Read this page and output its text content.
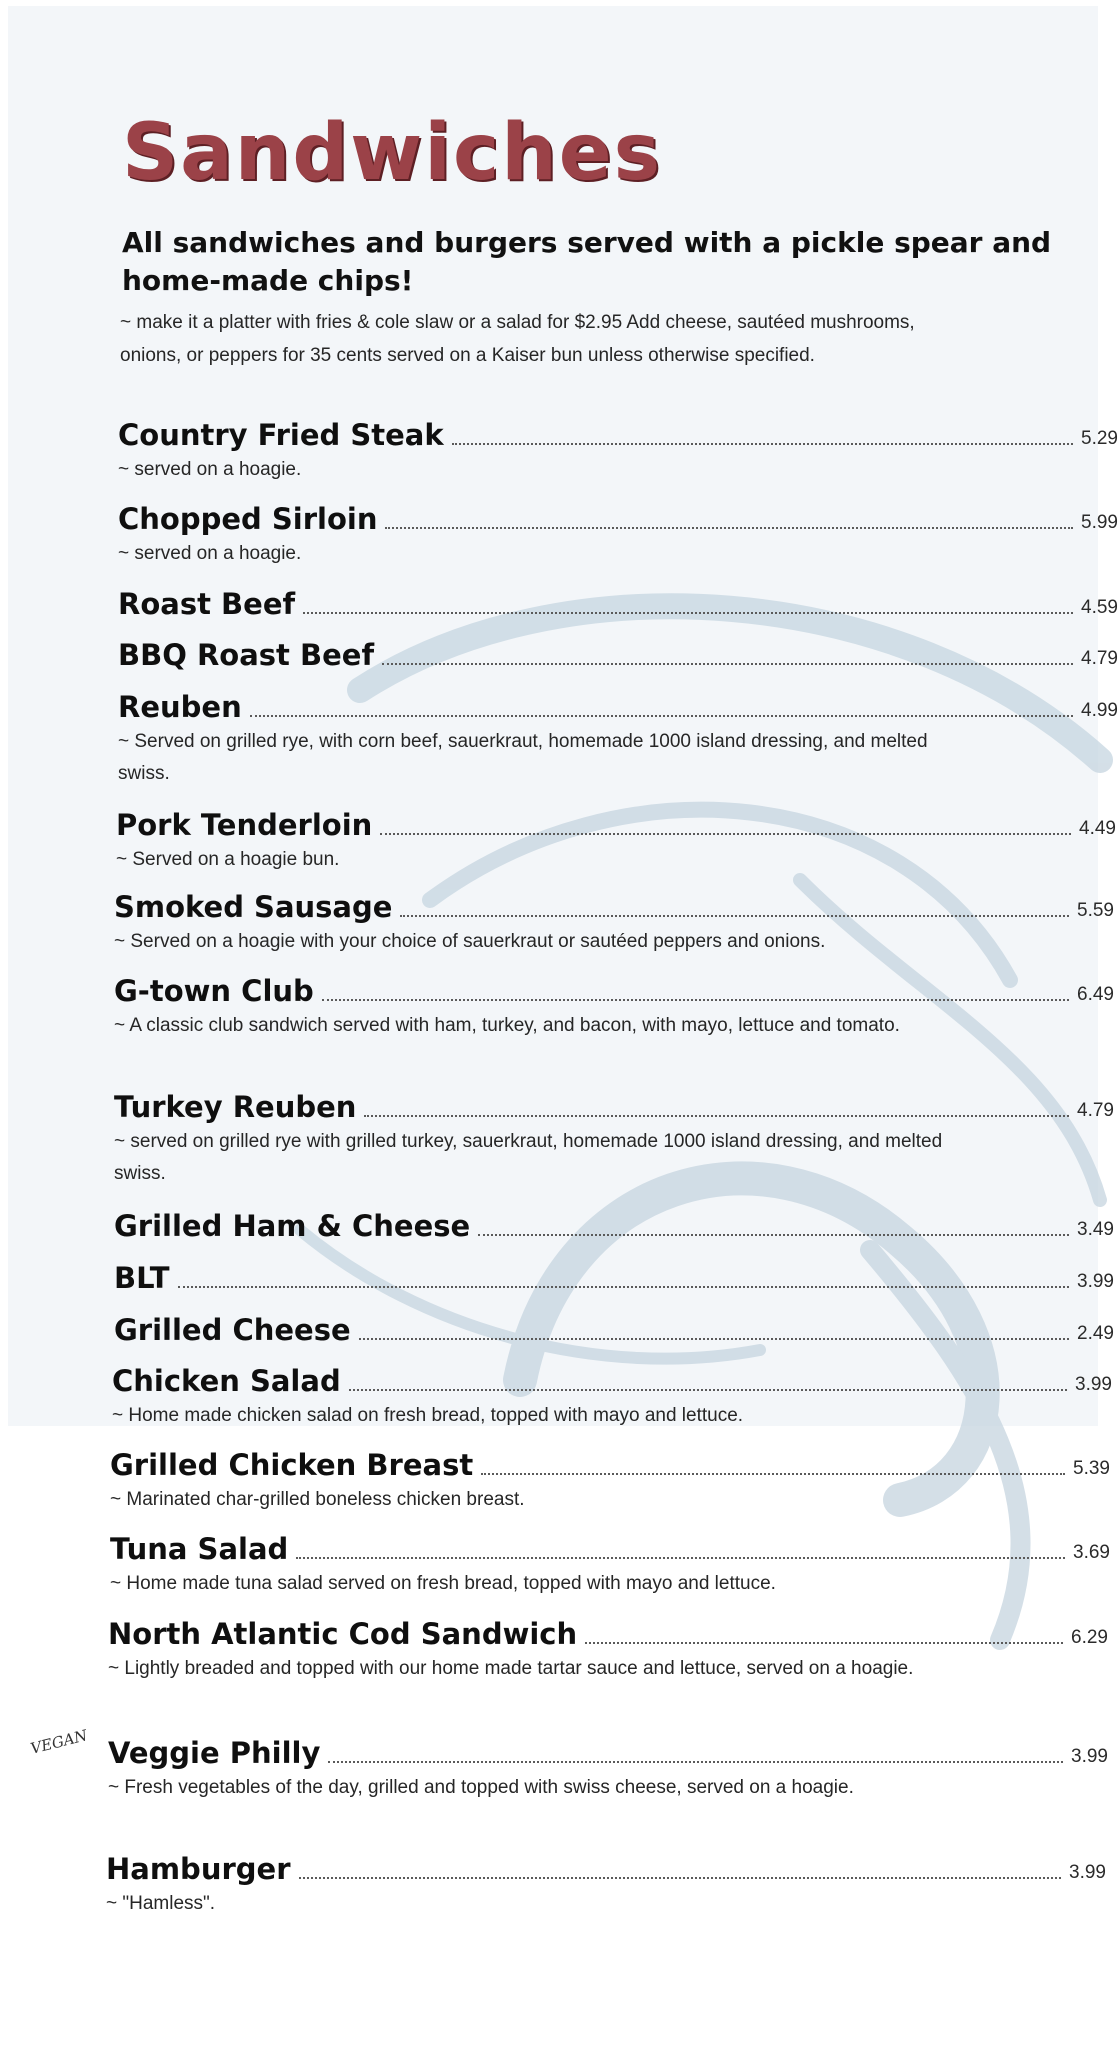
Sandwiches
All sandwiches and burgers served with a pickle spear and home-made chips!
~ make it a platter with fries & cole slaw or a salad for $2.95 Add cheese, sautéed mushrooms, onions, or peppers for 35 cents served on a Kaiser bun unless otherwise specified.
VEGAN
Country Fried Steak	5.29
~ served on a hoagie.
Chopped Sirloin	5.99
~ served on a hoagie.
Roast Beef	4.59
BBQ Roast Beef	4.79
Reuben	4.99
~ Served on grilled rye, with corn beef, sauerkraut, homemade 1000 island dressing, and melted swiss.
Pork Tenderloin	4.49
~ Served on a hoagie bun.
Smoked Sausage	5.59
~ Served on a hoagie with your choice of sauerkraut or sautéed peppers and onions.
G-town Club	6.49
~ A classic club sandwich served with ham, turkey, and bacon, with mayo, lettuce and tomato.
Turkey Reuben	4.79
~ served on grilled rye with grilled turkey, sauerkraut, homemade 1000 island dressing, and melted swiss.
Grilled Ham & Cheese	3.49
BLT	3.99
Grilled Cheese	2.49
Chicken Salad	3.99
~ Home made chicken salad on fresh bread, topped with mayo and lettuce.
Grilled Chicken Breast	5.39
~ Marinated char-grilled boneless chicken breast.
Tuna Salad	3.69
~ Home made tuna salad served on fresh bread, topped with mayo and lettuce.
North Atlantic Cod Sandwich	6.29
~ Lightly breaded and topped with our home made tartar sauce and lettuce, served on a hoagie.
Veggie Philly	3.99
~ Fresh vegetables of the day, grilled and topped with swiss cheese, served on a hoagie.
Hamburger	3.99
~ "Hamless".
